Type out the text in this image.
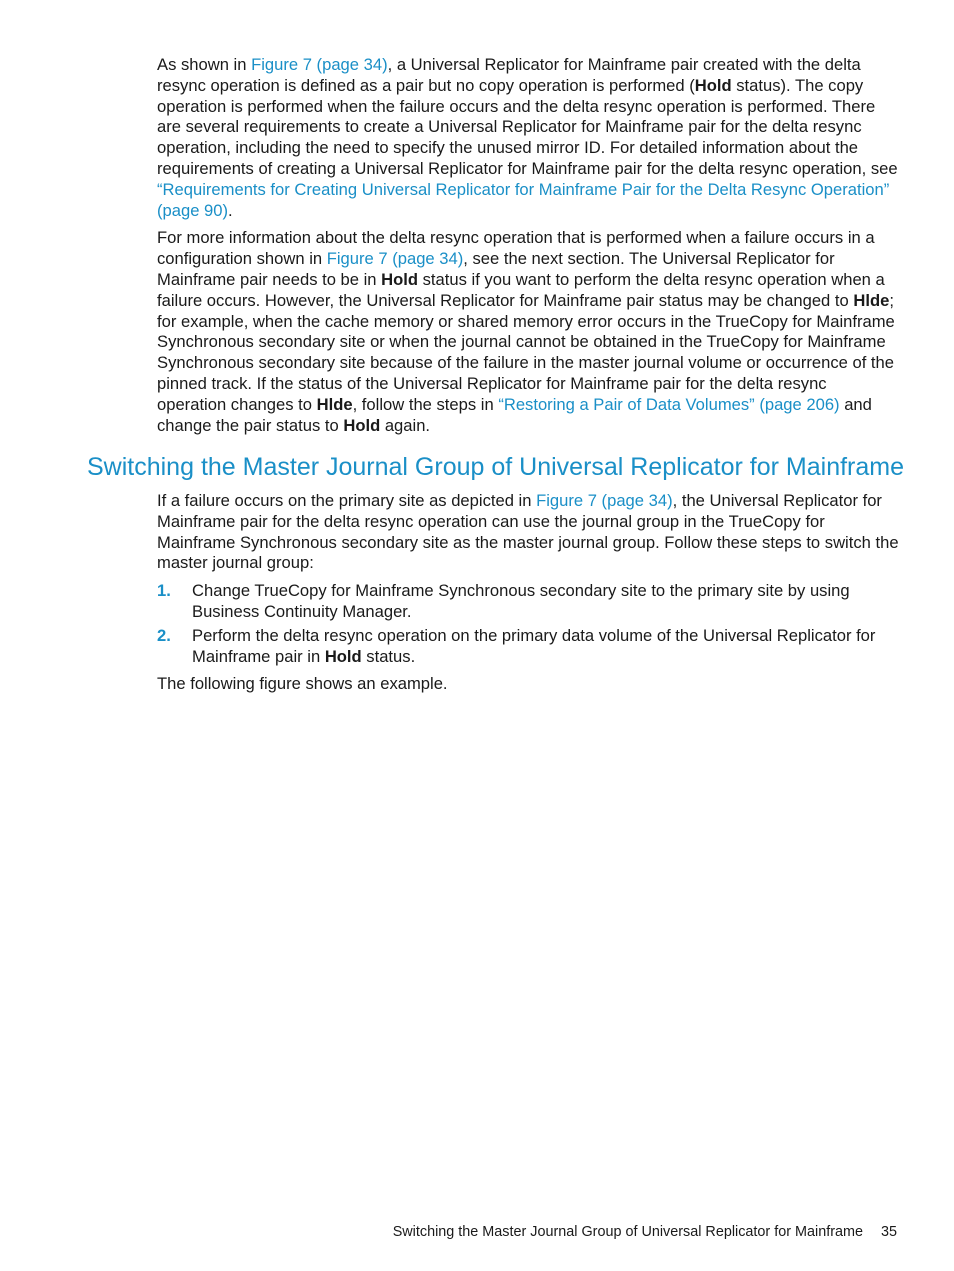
As shown in Figure 7 (page 34), a Universal Replicator for Mainframe pair created with the delta resync operation is defined as a pair but no copy operation is performed (Hold status). The copy operation is performed when the failure occurs and the delta resync operation is performed. There are several requirements to create a Universal Replicator for Mainframe pair for the delta resync operation, including the need to specify the unused mirror ID. For detailed information about the requirements of creating a Universal Replicator for Mainframe pair for the delta resync operation, see “Requirements for Creating Universal Replicator for Mainframe Pair for the Delta Resync Operation” (page 90).

For more information about the delta resync operation that is performed when a failure occurs in a configuration shown in Figure 7 (page 34), see the next section. The Universal Replicator for Mainframe pair needs to be in Hold status if you want to perform the delta resync operation when a failure occurs. However, the Universal Replicator for Mainframe pair status may be changed to Hlde; for example, when the cache memory or shared memory error occurs in the TrueCopy for Mainframe Synchronous secondary site or when the journal cannot be obtained in the TrueCopy for Mainframe Synchronous secondary site because of the failure in the master journal volume or occurrence of the pinned track. If the status of the Universal Replicator for Mainframe pair for the delta resync operation changes to Hlde, follow the steps in “Restoring a Pair of Data Volumes” (page 206) and change the pair status to Hold again.

Switching the Master Journal Group of Universal Replicator for Mainframe

If a failure occurs on the primary site as depicted in Figure 7 (page 34), the Universal Replicator for Mainframe pair for the delta resync operation can use the journal group in the TrueCopy for Mainframe Synchronous secondary site as the master journal group. Follow these steps to switch the master journal group:

1. Change TrueCopy for Mainframe Synchronous secondary site to the primary site by using Business Continuity Manager.
2. Perform the delta resync operation on the primary data volume of the Universal Replicator for Mainframe pair in Hold status.

The following figure shows an example.

Switching the Master Journal Group of Universal Replicator for Mainframe 35
